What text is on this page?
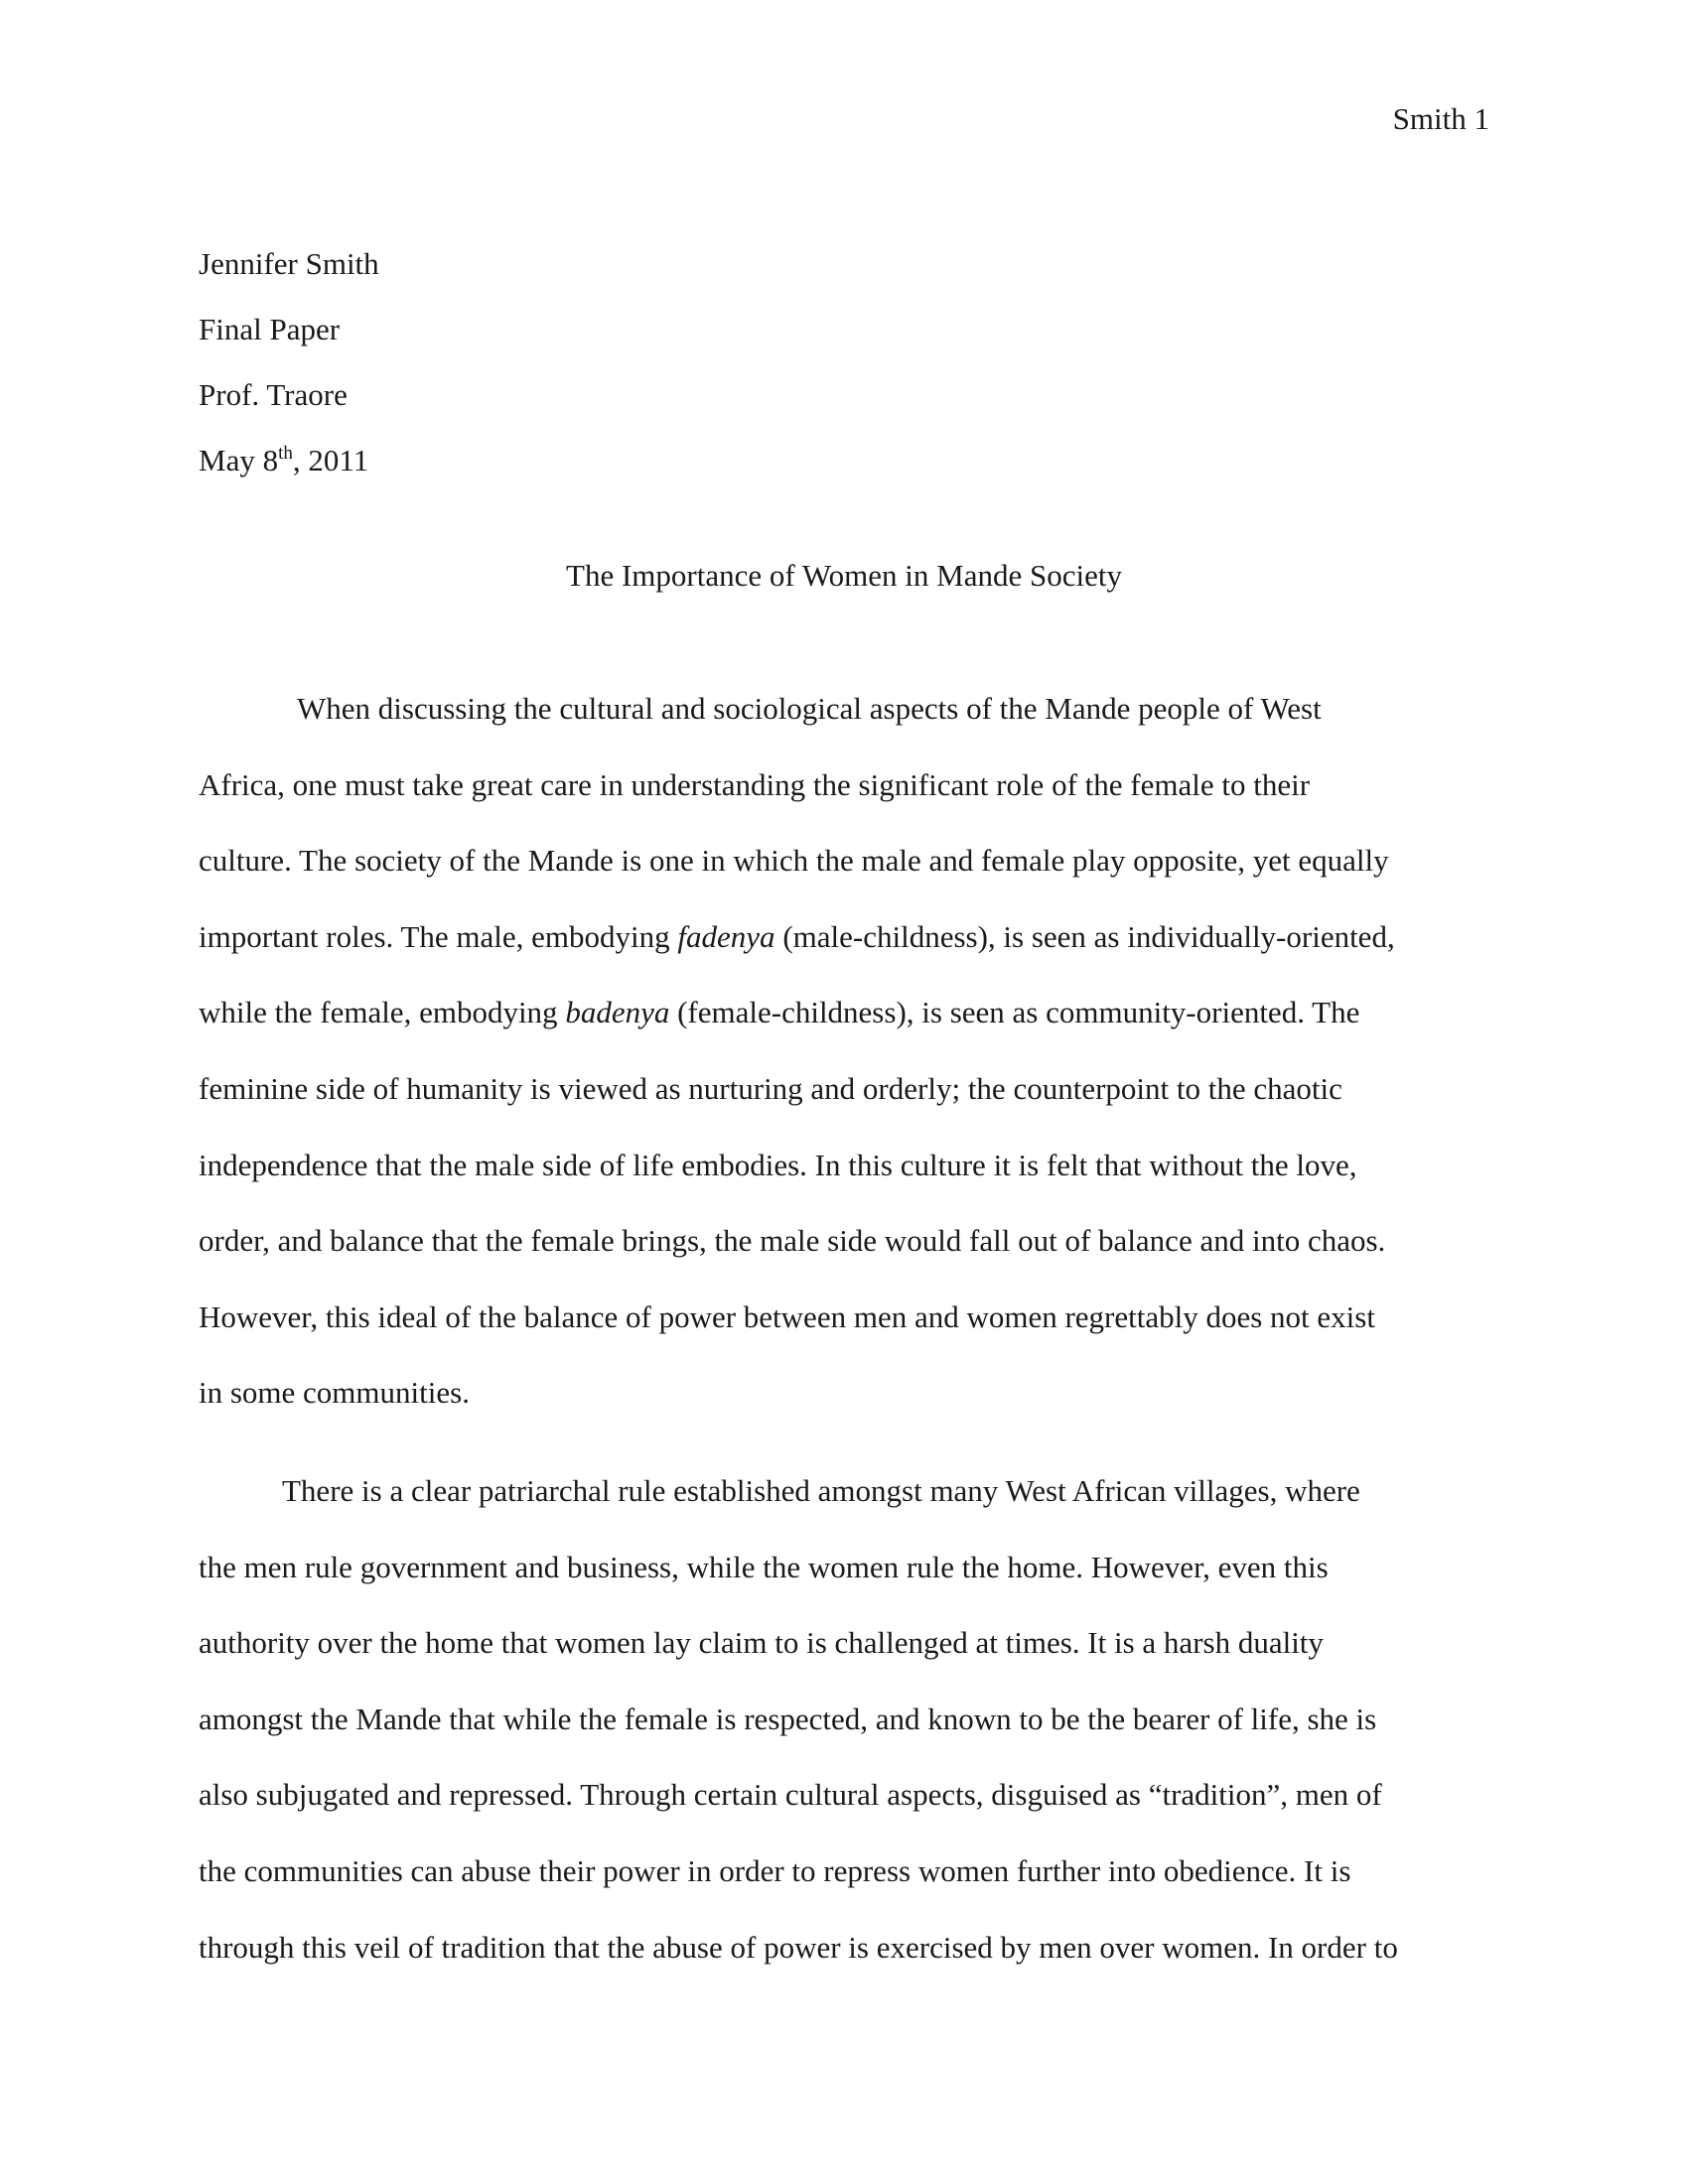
Smith 1
Jennifer Smith
Final Paper
Prof. Traore
May 8th, 2011
The Importance of Women in Mande Society
When discussing the cultural and sociological aspects of the Mande people of West
Africa, one must take great care in understanding the significant role of the female to their
culture. The society of the Mande is one in which the male and female play opposite, yet equally
important roles. The male, embodying fadenya (male-childness), is seen as individually-oriented,
while the female, embodying badenya (female-childness), is seen as community-oriented. The
feminine side of humanity is viewed as nurturing and orderly; the counterpoint to the chaotic
independence that the male side of life embodies. In this culture it is felt that without the love,
order, and balance that the female brings, the male side would fall out of balance and into chaos.
However, this ideal of the balance of power between men and women regrettably does not exist
in some communities.
There is a clear patriarchal rule established amongst many West African villages, where
the men rule government and business, while the women rule the home. However, even this
authority over the home that women lay claim to is challenged at times. It is a harsh duality
amongst the Mande that while the female is respected, and known to be the bearer of life, she is
also subjugated and repressed. Through certain cultural aspects, disguised as “tradition”, men of
the communities can abuse their power in order to repress women further into obedience. It is
through this veil of tradition that the abuse of power is exercised by men over women. In order to
